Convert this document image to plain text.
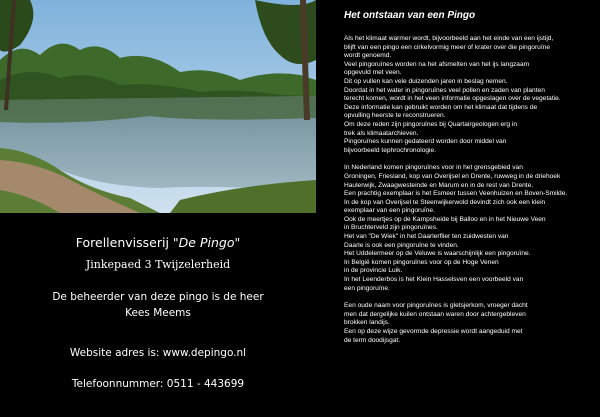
Forellenvisserij "De Pingo"
Jinkepaed 3 Twijzelerheid
De beheerder van deze pingo is de heer
Kees Meems
Website adres is: www.depingo.nl
Telefoonnummer: 0511 - 443699
Het ontstaan van een Pingo

Als het klimaat warmer wordt, bijvoorbeeld aan het einde van een ijstijd,
blijft van een pingo een cirkelvormig meer of krater over die pingoruïne
wordt genoemd.
Veel pingoruïnes worden na het afsmelten van het ijs langzaam
opgevuld met veen.
Dit op vullen kan vele duizenden jaren in beslag nemen.
Doordat in het water in pingoruïnes veel pollen en zaden van planten
terecht komen, wordt in het veen informatie opgeslagen over de vegetatie.
Deze informatie kan gebruikt worden om het klimaat dat tijdens de
opvulling heerste te reconstrueren.
Om deze reden zijn pingoruïnes bij Quartairgeologen erg in
trek als klimaatarchieven.
Pingoruïnes kunnen gedateerd worden door middel van
bijvoorbeeld tephrochronologie.

In Nederland komen pingoruïnes voor in het grensgebied van
Groningen, Friesland, kop van Overijsel en Drente, ruwweg in de driehoek
Haulerwijk, Zwaagwesteinde en Marum en in de rest van Drente.
Een prachtig exemplaar is het Esmeer tussen Veenhuizen en Boven-Smilde.
In de kop van Overijsel te Steenwijkerwold devindt zich ook een klein
exemplaar van een pingoruïne.
Ook de meertjes op de Kampsheide bij Balloo en in het Nieuwe Veen
in Bruchterveld zijn pingoruïnes.
Het van "De Wiek" in het Daarlerflier ten zuidwesten van
Daarle is ook een pingoruïne te vinden.
Het Uddelermeer op de Veluwe is waarschijnlijk een pingoruïne.
In België komen pingoruïnes voor op de Hoge Venen
in de provincie Luik.
In het Leenderbos is het Klein Hasselsven een voorbeeld van
een pingoruïne.

Een oude naam voor pingoruïnes is gletsjerkom, vroeger dacht
men dat dergelijke kuilen ontstaan waren door achtergebleven
brokken landijs.
Een op deze wijze gevormde depressie wordt aangeduid met
de term doodijsgat.
